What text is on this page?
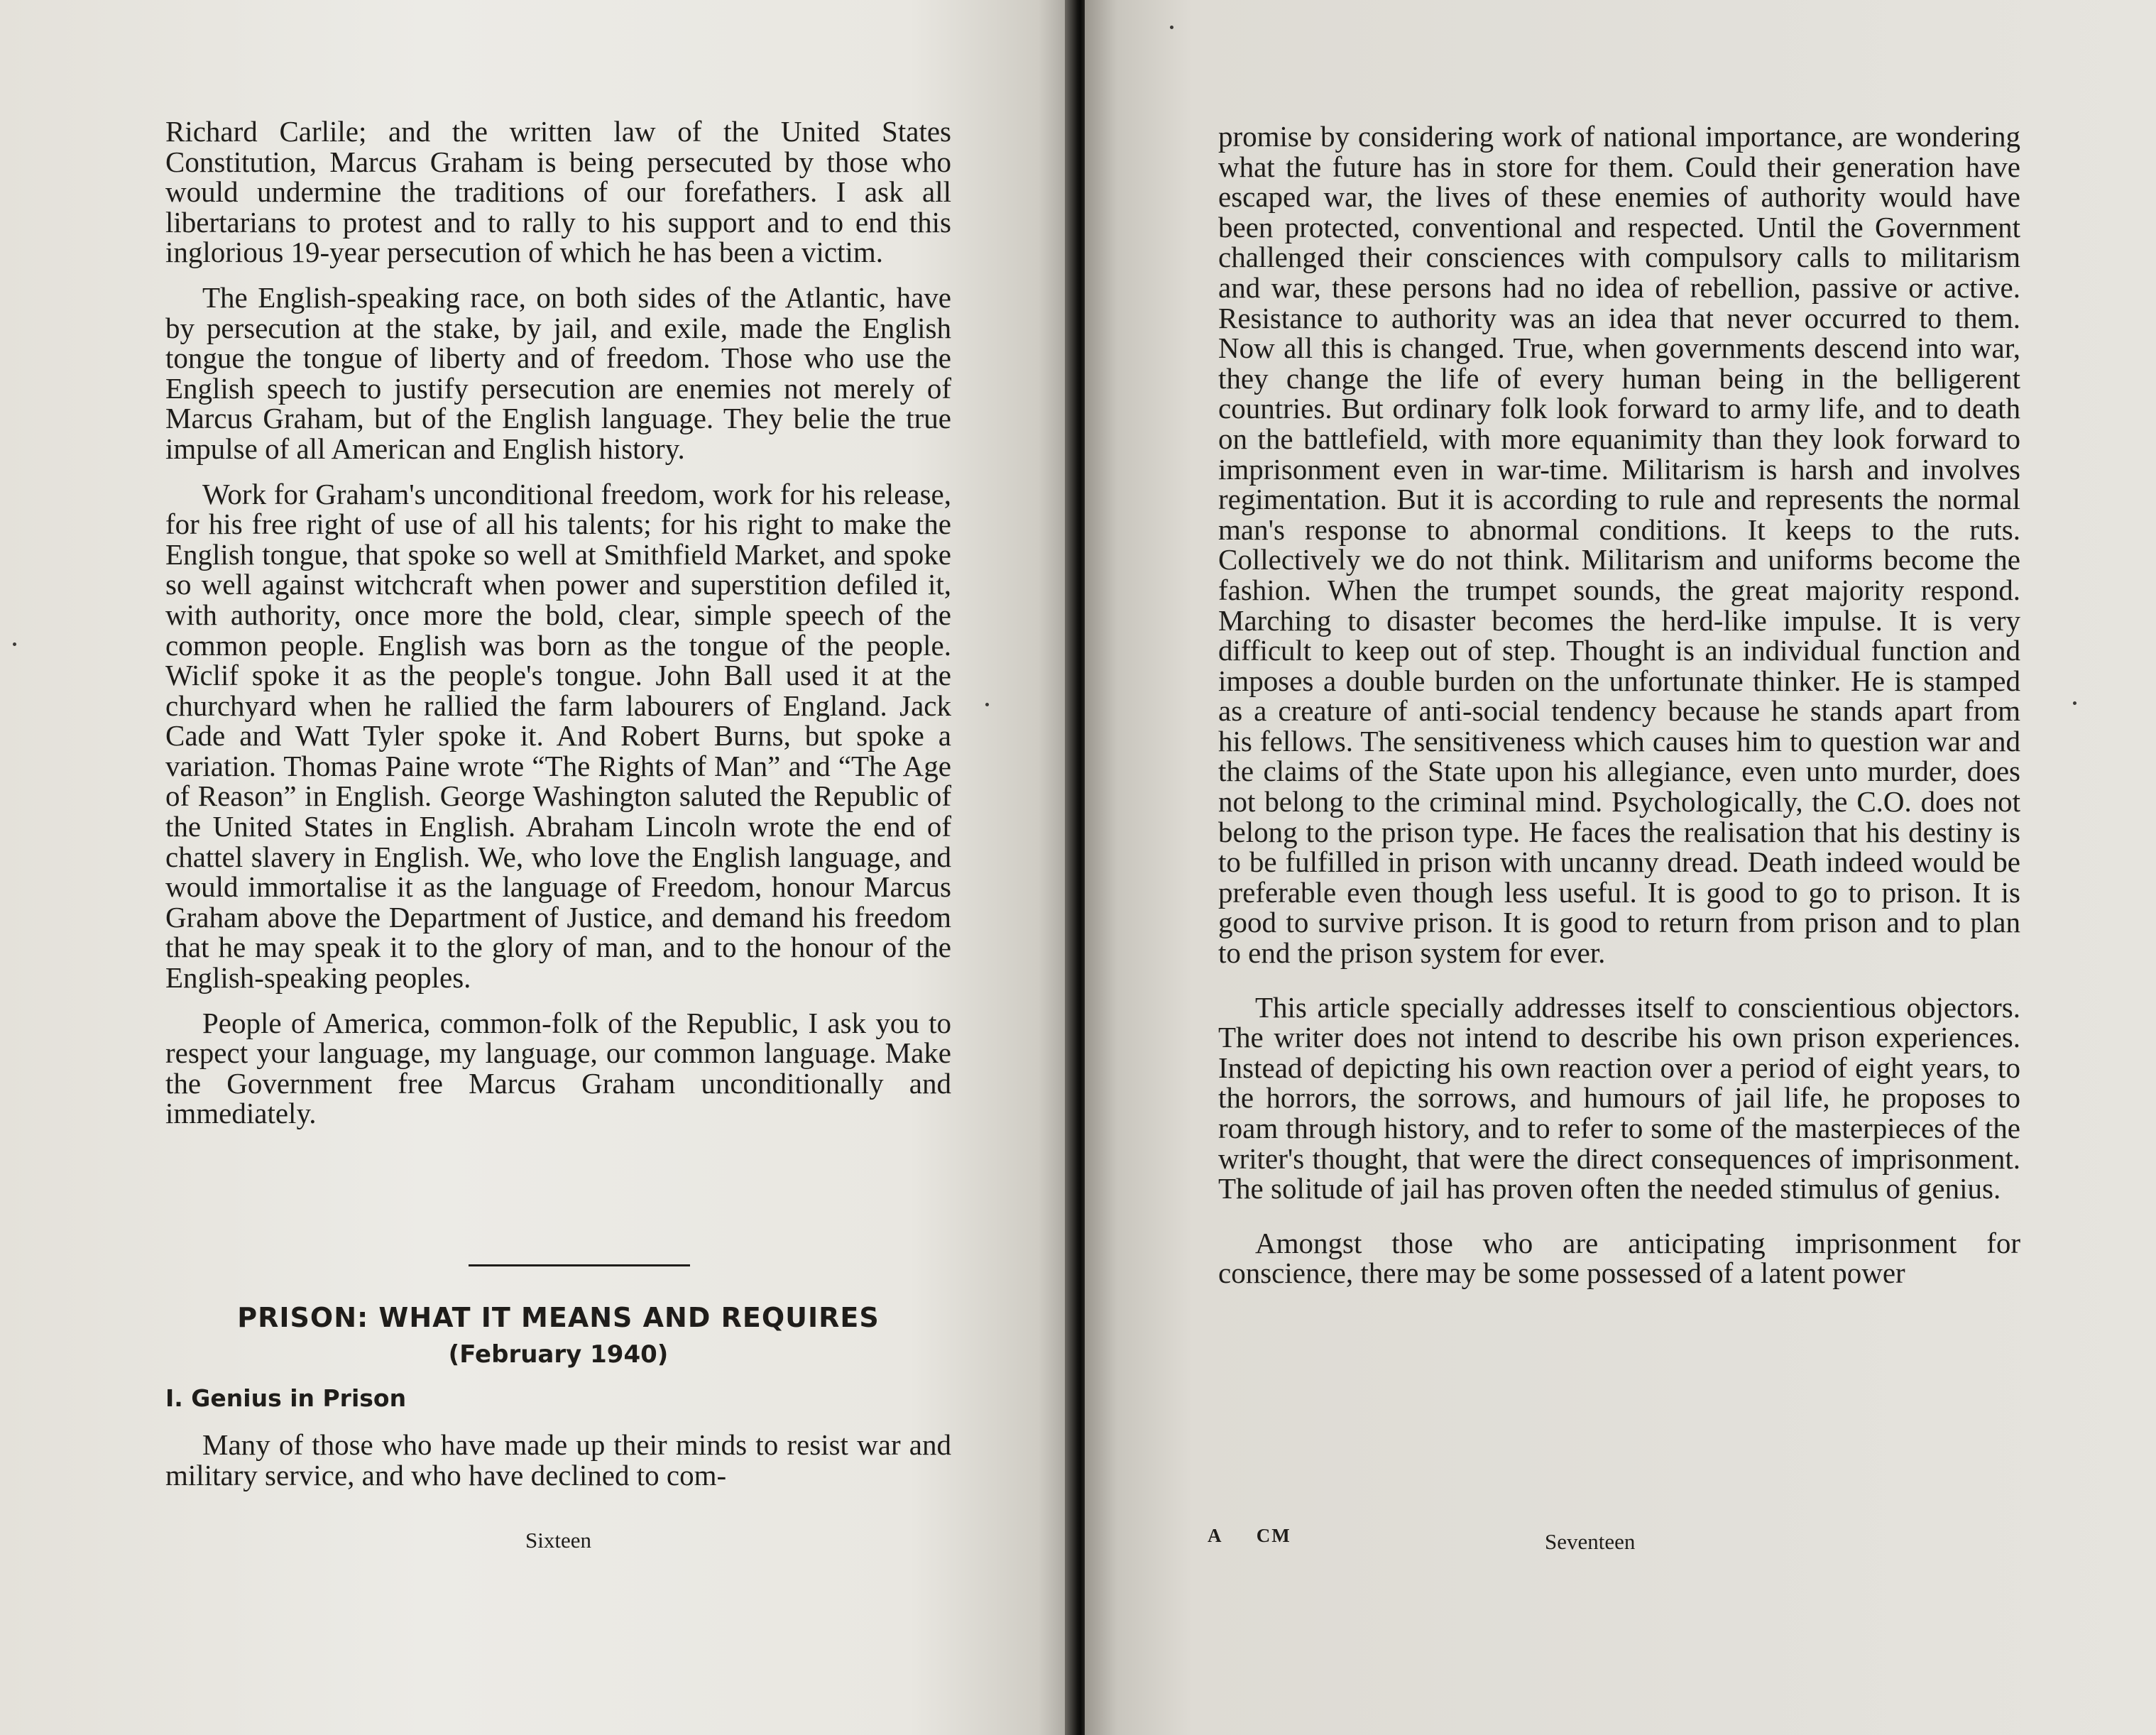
Richard Carlile; and the written law of the United States Constitution, Marcus Graham is being persecuted by those who would undermine the traditions of our forefathers. I ask all libertarians to protest and to rally to his support and to end this inglorious 19-year persecution of which he has been a victim.

The English-speaking race, on both sides of the Atlantic, have by persecution at the stake, by jail, and exile, made the English tongue the tongue of liberty and of freedom. Those who use the English speech to justify persecution are enemies not merely of Marcus Graham, but of the English language. They belie the true impulse of all American and English history.

Work for Graham's unconditional freedom, work for his release, for his free right of use of all his talents; for his right to make the English tongue, that spoke so well at Smithfield Market, and spoke so well against witchcraft when power and superstition defiled it, with authority, once more the bold, clear, simple speech of the common people. English was born as the tongue of the people. Wiclif spoke it as the people's tongue. John Ball used it at the churchyard when he rallied the farm labourers of England. Jack Cade and Watt Tyler spoke it. And Robert Burns, but spoke a variation. Thomas Paine wrote “The Rights of Man” and “The Age of Reason” in English. George Washington saluted the Republic of the United States in English. Abraham Lincoln wrote the end of chattel slavery in English. We, who love the English language, and would immortalise it as the language of Freedom, honour Marcus Graham above the Department of Justice, and demand his freedom that he may speak it to the glory of man, and to the honour of the English-speaking peoples.

People of America, common-folk of the Republic, I ask you to respect your language, my language, our common language. Make the Government free Marcus Graham unconditionally and immediately.

PRISON: WHAT IT MEANS AND REQUIRES
(February 1940)
I. Genius in Prison

Many of those who have made up their minds to resist war and military service, and who have declined to com-

Sixteen

promise by considering work of national importance, are wondering what the future has in store for them. Could their generation have escaped war, the lives of these enemies of authority would have been protected, conventional and respected. Until the Government challenged their consciences with compulsory calls to militarism and war, these persons had no idea of rebellion, passive or active. Resistance to authority was an idea that never occurred to them. Now all this is changed. True, when governments descend into war, they change the life of every human being in the belligerent countries. But ordinary folk look forward to army life, and to death on the battlefield, with more equanimity than they look forward to imprisonment even in war-time. Militarism is harsh and involves regimentation. But it is according to rule and represents the normal man's response to abnormal conditions. It keeps to the ruts. Collectively we do not think. Militarism and uniforms become the fashion. When the trumpet sounds, the great majority respond. Marching to disaster becomes the herd-like impulse. It is very difficult to keep out of step. Thought is an individual function and imposes a double burden on the unfortunate thinker. He is stamped as a creature of anti-social tendency because he stands apart from his fellows. The sensitiveness which causes him to question war and the claims of the State upon his allegiance, even unto murder, does not belong to the criminal mind. Psychologically, the C.O. does not belong to the prison type. He faces the realisation that his destiny is to be fulfilled in prison with uncanny dread. Death indeed would be preferable even though less useful. It is good to go to prison. It is good to survive prison. It is good to return from prison and to plan to end the prison system for ever.

This article specially addresses itself to conscientious objectors. The writer does not intend to describe his own prison experiences. Instead of depicting his own reaction over a period of eight years, to the horrors, the sorrows, and humours of jail life, he proposes to roam through history, and to refer to some of the masterpieces of the writer's thought, that were the direct consequences of imprisonment. The solitude of jail has proven often the needed stimulus of genius.

Amongst those who are anticipating imprisonment for conscience, there may be some possessed of a latent power

A CM	Seventeen
